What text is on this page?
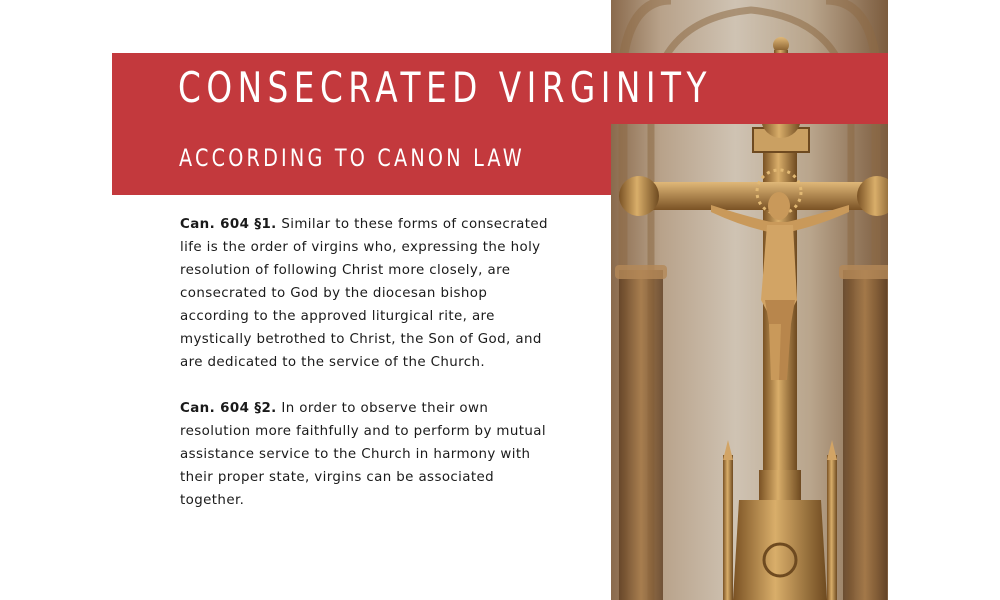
CONSECRATED VIRGINITY
ACCORDING TO CANON LAW

Can. 604 §1. Similar to these forms of consecrated life is the order of virgins who, expressing the holy resolution of following Christ more closely, are consecrated to God by the diocesan bishop according to the approved liturgical rite, are mystically betrothed to Christ, the Son of God, and are dedicated to the service of the Church.

Can. 604 §2. In order to observe their own resolution more faithfully and to perform by mutual assistance service to the Church in harmony with their proper state, virgins can be associated together.
